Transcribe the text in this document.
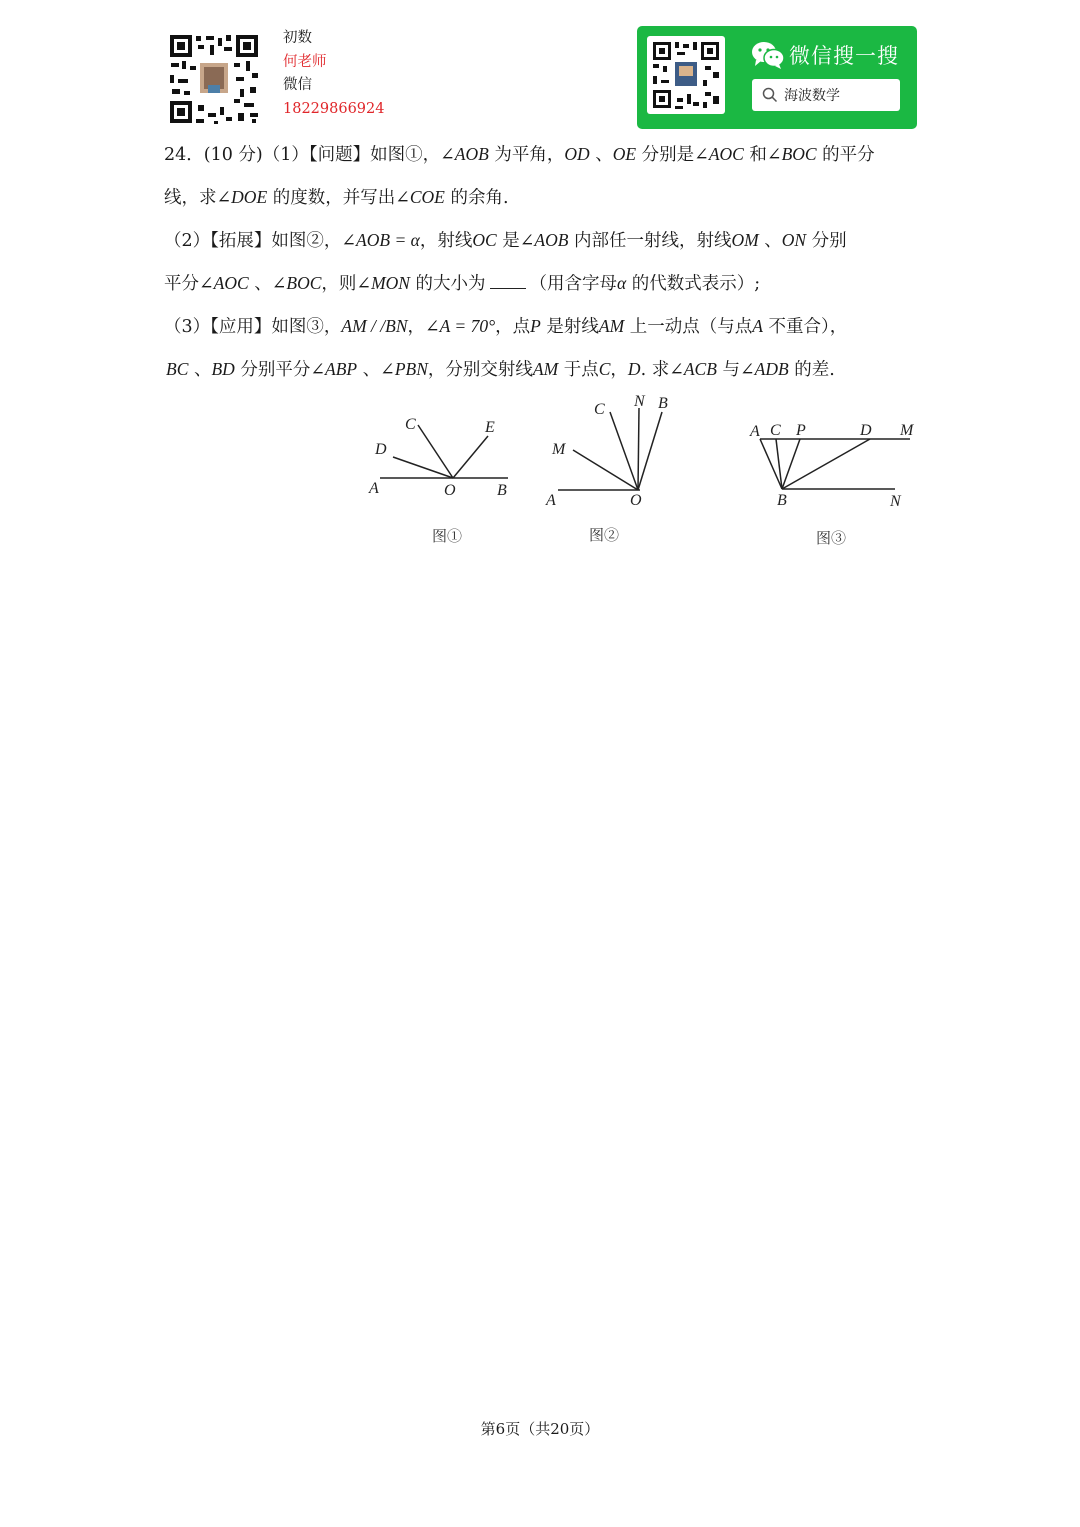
初数
何老师
微信
18229866924
微信搜一搜
海波数学
24．(10 分)（1）【问题】如图①，∠AOB 为平角，OD 、OE 分别是∠AOC 和∠BOC 的平分
线，求∠DOE 的度数，并写出∠COE 的余角.
（2）【拓展】如图②，∠AOB = α，射线OC 是∠AOB 内部任一射线，射线OM 、ON 分别
平分∠AOC 、∠BOC，则∠MON 的大小为	（用含字母α 的代数式表示）;
（3）【应用】如图③，AM / /BN，∠A = 70°，点P 是射线AM 上一动点（与点A 不重合），
BC 、BD 分别平分∠ABP 、∠PBN，分别交射线AM 于点C，D. 求∠ACB 与∠ADB 的差.
C	E
D
A	O	B
图①
C N B
M
A	O
图②
A C P	D M
B	N
图③
第6页（共20页）
